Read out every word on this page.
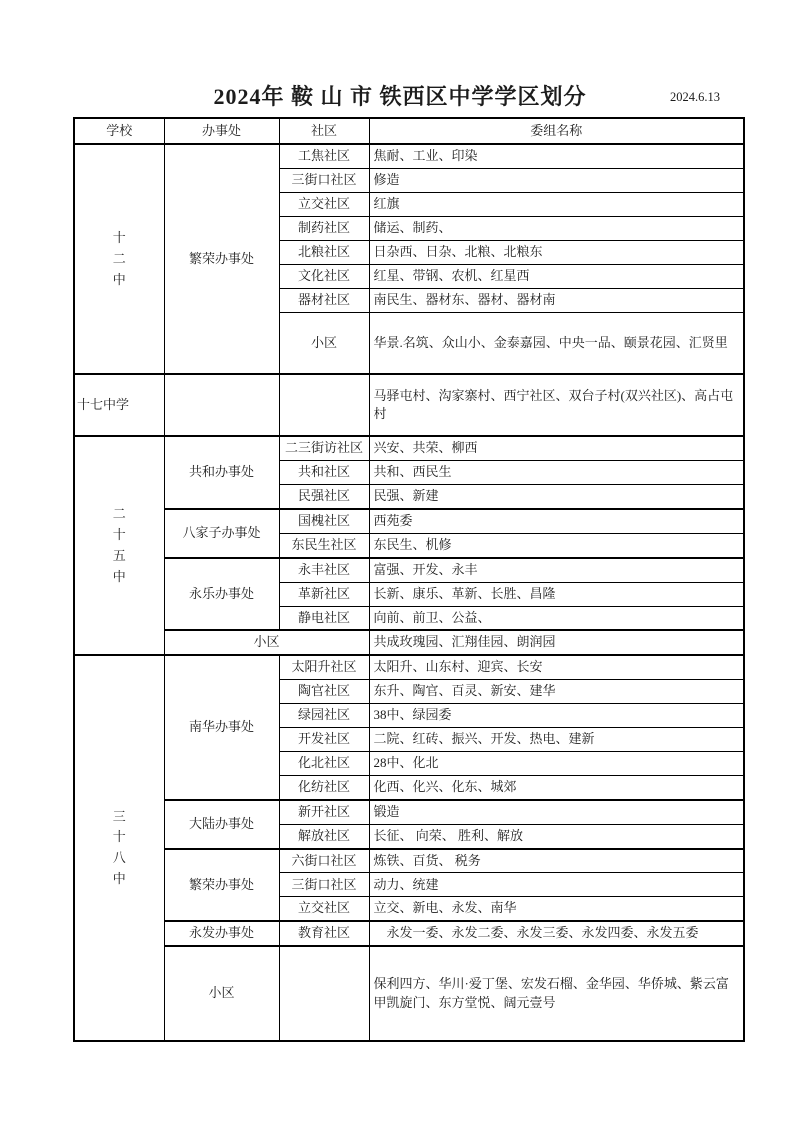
2024年 鞍 山 市 铁西区中学学区划分	2024.6.13
学校	办事处	社区	委组名称

十
二
中	繁荣办事处	工焦社区	焦耐、工业、印染
		三街口社区	修造
		立交社区	红旗
		制药社区	储运、制药、
		北粮社区	日杂西、日杂、北粮、北粮东
		文化社区	红星、带钢、农机、红星西
		器材社区	南民生、器材东、器材、器材南
		小区	华景.名筑、众山小、金泰嘉园、中央一品、颐景花园、汇贤里
十七中学			马驿屯村、沟家寨村、西宁社区、双台子村(双兴社区)、高占屯村

二
十
五
中	共和办事处	二三街访社区	兴安、共荣、柳西
		共和社区	共和、西民生
		民强社区	民强、新建
	八家子办事处	国槐社区	西苑委
		东民生社区	东民生、机修
	永乐办事处	永丰社区	富强、开发、永丰
		革新社区	长新、康乐、革新、长胜、昌隆
		静电社区	向前、前卫、公益、
	小区		共成玫瑰园、汇翔佳园、朗润园

三
十
八
中	南华办事处	太阳升社区	太阳升、山东村、迎宾、长安
		陶官社区	东升、陶官、百灵、新安、建华
		绿园社区	38中、绿园委
		开发社区	二院、红砖、振兴、开发、热电、建新
		化北社区	28中、化北
		化纺社区	化西、化兴、化东、城郊
	大陆办事处	新开社区	锻造
		解放社区	长征、 向荣、 胜利、解放
	繁荣办事处	六街口社区	炼铁、百货、 税务
		三街口社区	动力、统建
		立交社区	立交、新电、永发、南华
	永发办事处	教育社区	　永发一委、永发二委、永发三委、永发四委、永发五委
	小区		保利四方、华川·爱丁堡、宏发石榴、金华园、华侨城、紫云富甲凯旋门、东方堂悦、阔元壹号
